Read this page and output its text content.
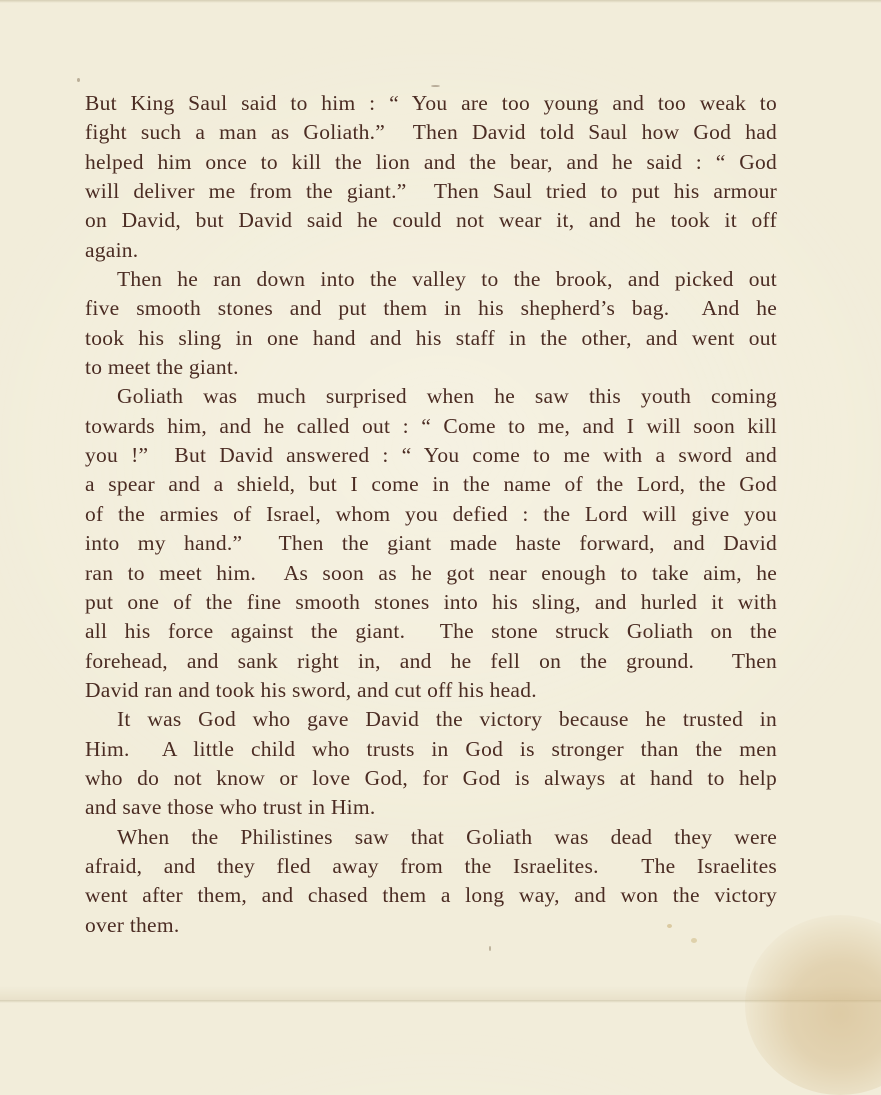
But King Saul said to him : “ You are too young and too weak to
fight such a man as Goliath.”  Then David told Saul how God had
helped him once to kill the lion and the bear, and he said : “ God
will deliver me from the giant.”  Then Saul tried to put his armour
on David, but David said he could not wear it, and he took it off
again.
Then he ran down into the valley to the brook, and picked out
five smooth stones and put them in his shepherd’s bag.  And he
took his sling in one hand and his staff in the other, and went out
to meet the giant.
Goliath was much surprised when he saw this youth coming
towards him, and he called out : “ Come to me, and I will soon kill
you !”  But David answered : “ You come to me with a sword and
a spear and a shield, but I come in the name of the Lord, the God
of the armies of Israel, whom you defied : the Lord will give you
into my hand.”  Then the giant made haste forward, and David
ran to meet him.  As soon as he got near enough to take aim, he
put one of the fine smooth stones into his sling, and hurled it with
all his force against the giant.  The stone struck Goliath on the
forehead, and sank right in, and he fell on the ground.  Then
David ran and took his sword, and cut off his head.
It was God who gave David the victory because he trusted in
Him.  A little child who trusts in God is stronger than the men
who do not know or love God, for God is always at hand to help
and save those who trust in Him.
When the Philistines saw that Goliath was dead they were
afraid, and they fled away from the Israelites.  The Israelites
went after them, and chased them a long way, and won the victory
over them.
